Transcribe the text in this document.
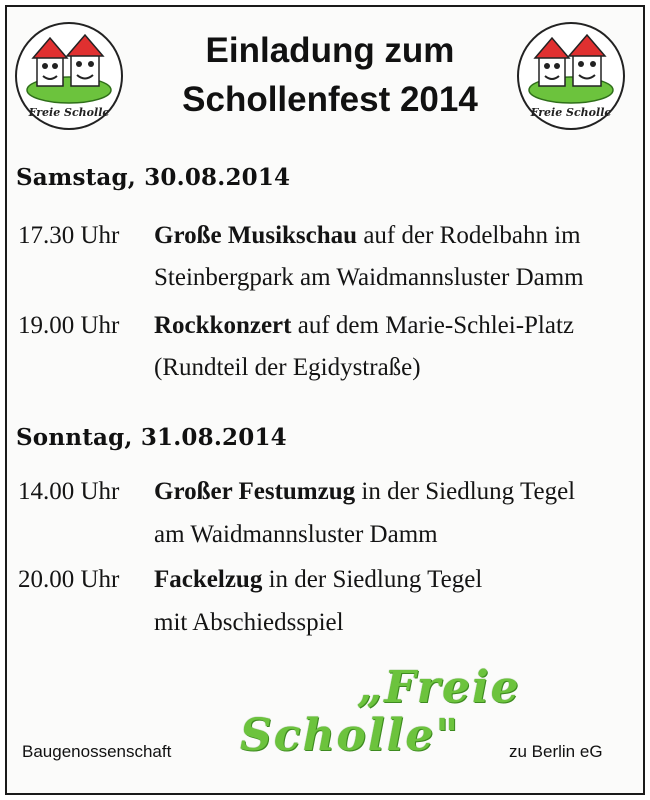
Freie Scholle	Freie Scholle
Einladung zum
Schollenfest 2014
Samstag, 30.08.2014
17.30 Uhr Große Musikschau auf der Rodelbahn im
Steinbergpark am Waidmannsluster Damm
19.00 Uhr Rockkonzert auf dem Marie-Schlei-Platz
(Rundteil der Egidystraße)
Sonntag, 31.08.2014
14.00 Uhr Großer Festumzug in der Siedlung Tegel
am Waidmannsluster Damm
20.00 Uhr Fackelzug in der Siedlung Tegel
mit Abschiedsspiel
„Freie
Scholle"
Baugenossenschaft	zu Berlin eG
